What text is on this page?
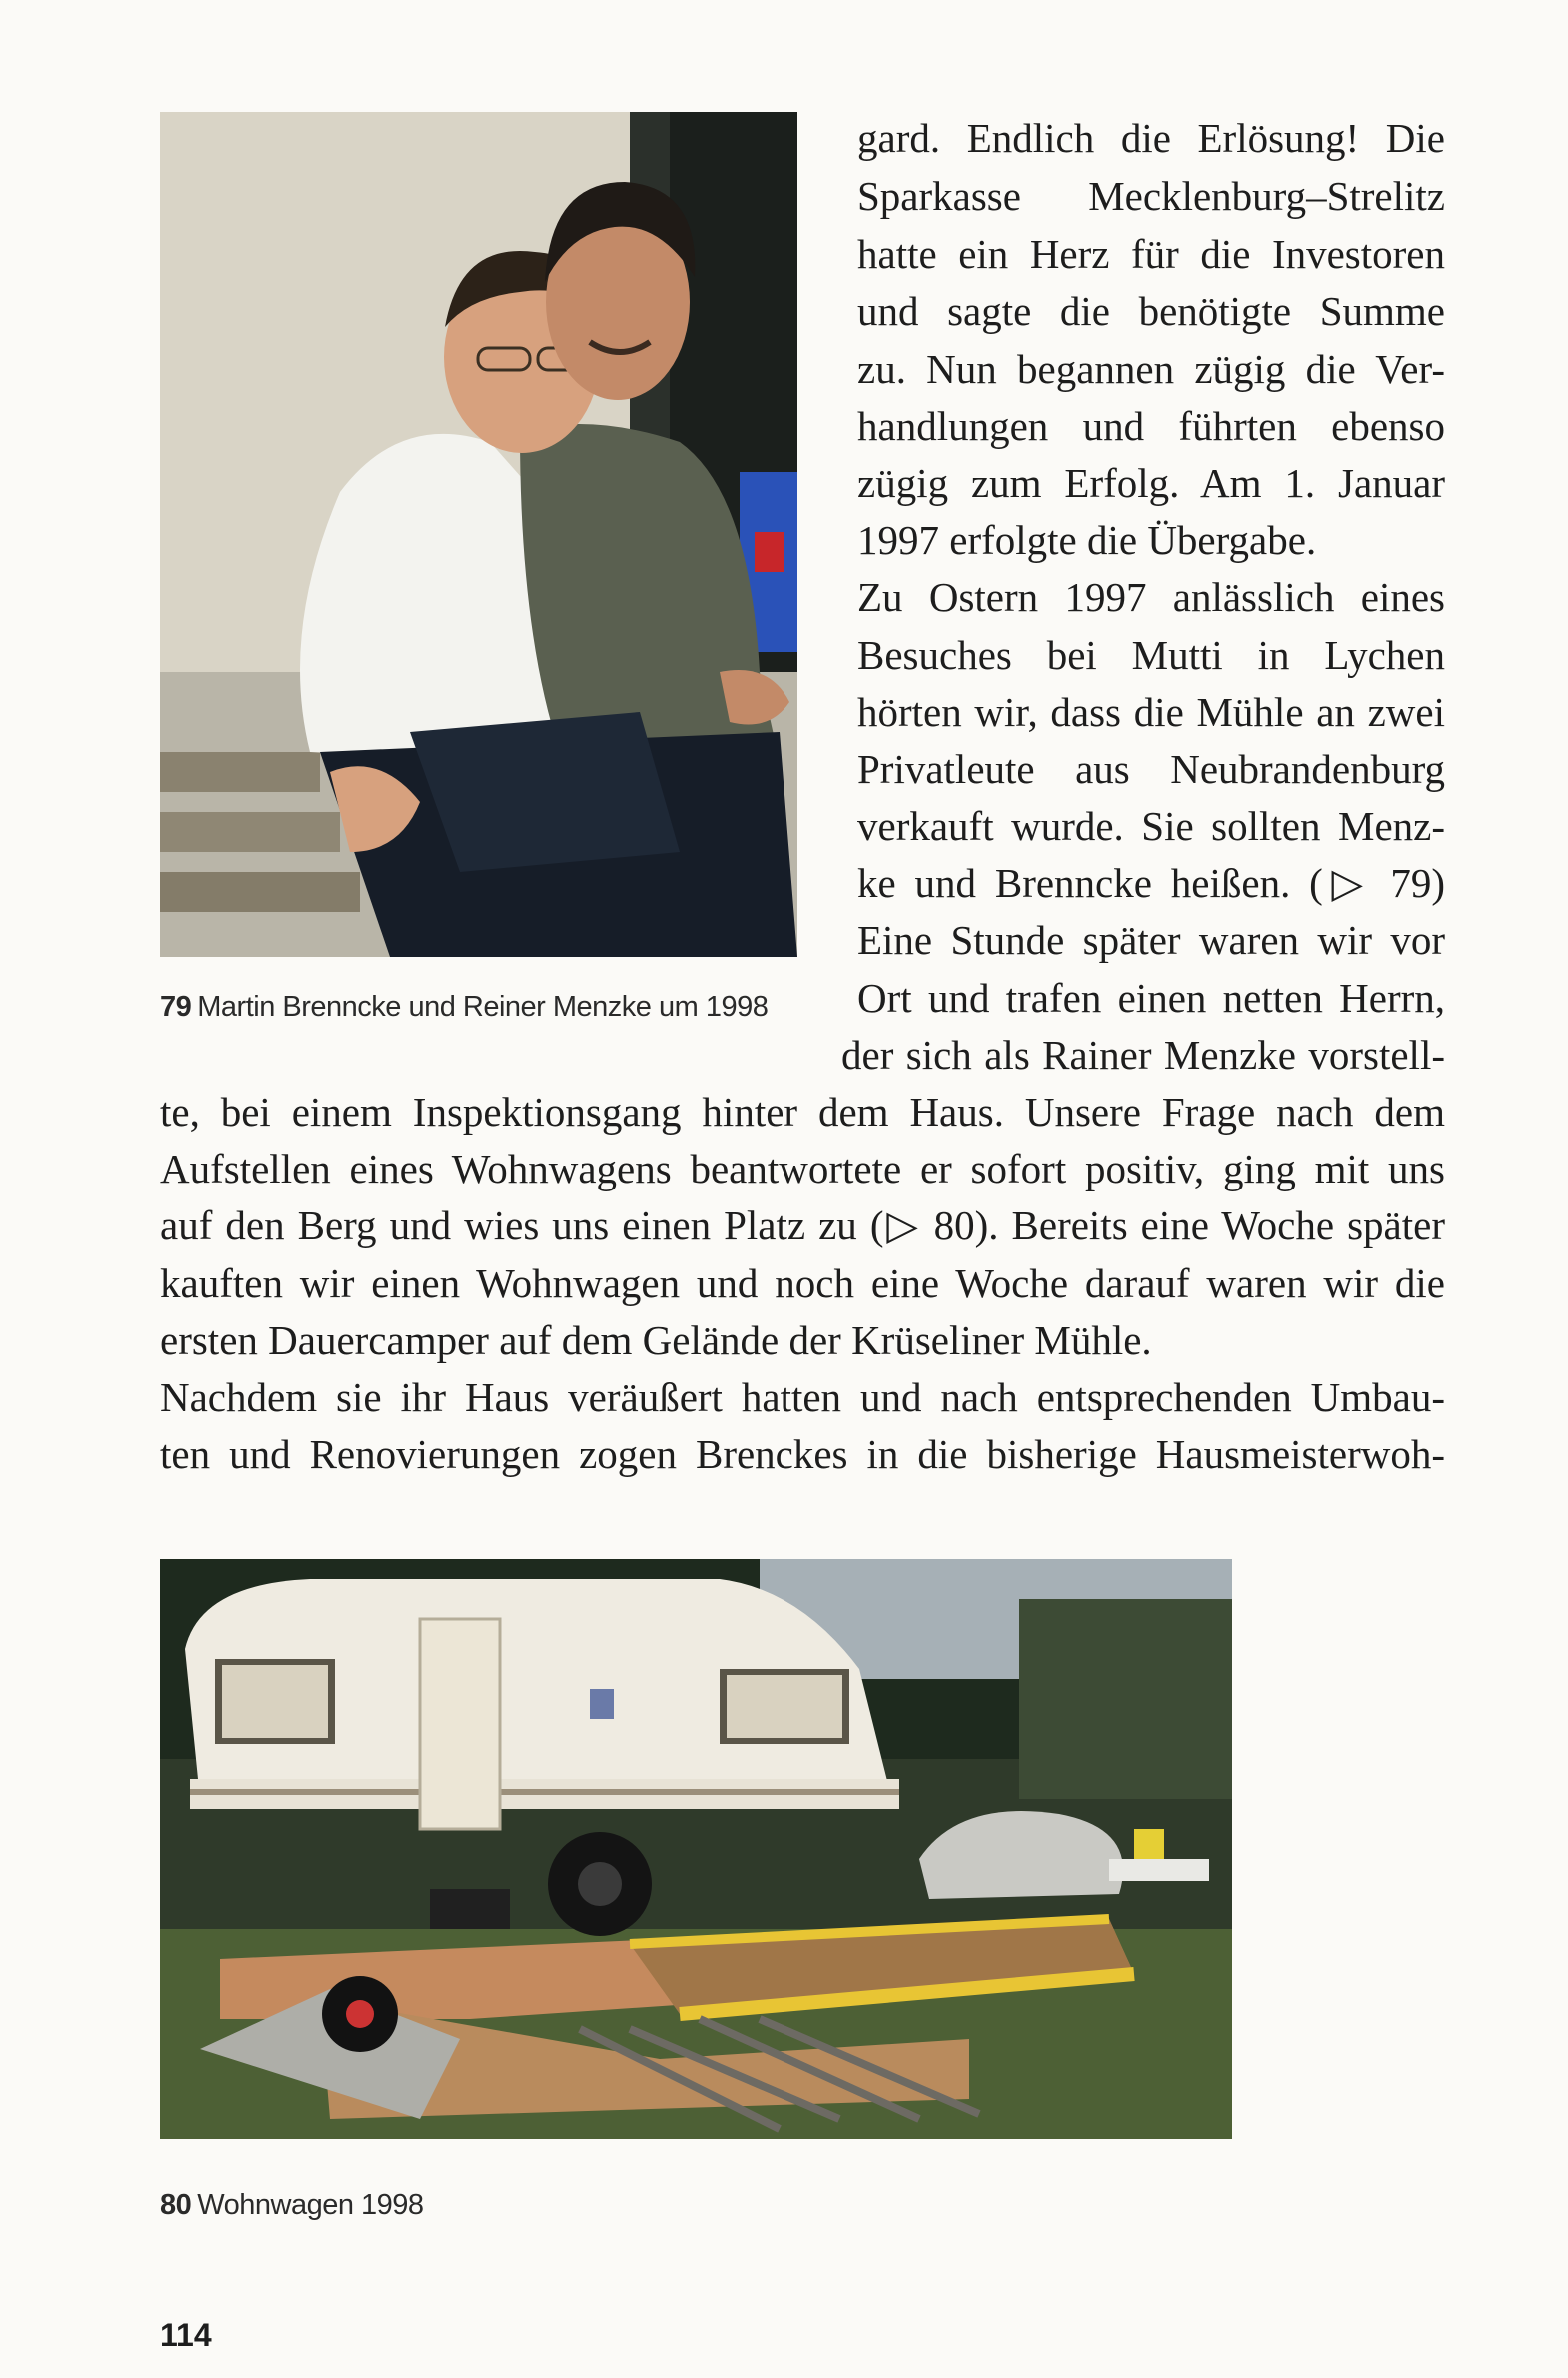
79 Martin Brenncke und Reiner Menzke um 1998
gard. Endlich die Erlösung! Die
Sparkasse Mecklenburg–Strelitz
hatte ein Herz für die Investoren
und sagte die benötigte Summe
zu. Nun begannen zügig die Ver-
handlungen und führten ebenso
zügig zum Erfolg. Am 1. Januar
1997 erfolgte die Übergabe.
Zu Ostern 1997 anlässlich eines
Besuches bei Mutti in Lychen
hörten wir, dass die Mühle an zwei
Privatleute aus Neubrandenburg
verkauft wurde. Sie sollten Menz-
ke und Brenncke heißen. (▷ 79)
Eine Stunde später waren wir vor
Ort und trafen einen netten Herrn,
der sich als Rainer Menzke vorstell-
te, bei einem Inspektionsgang hinter dem Haus. Unsere Frage nach dem
Aufstellen eines Wohnwagens beantwortete er sofort positiv, ging mit uns
auf den Berg und wies uns einen Platz zu (▷ 80). Bereits eine Woche später
kauften wir einen Wohnwagen und noch eine Woche darauf waren wir die
ersten Dauercamper auf dem Gelände der Krüseliner Mühle.
Nachdem sie ihr Haus veräußert hatten und nach entsprechenden Umbau-
ten und Renovierungen zogen Brenckes in die bisherige Hausmeisterwoh-
80 Wohnwagen 1998
114
